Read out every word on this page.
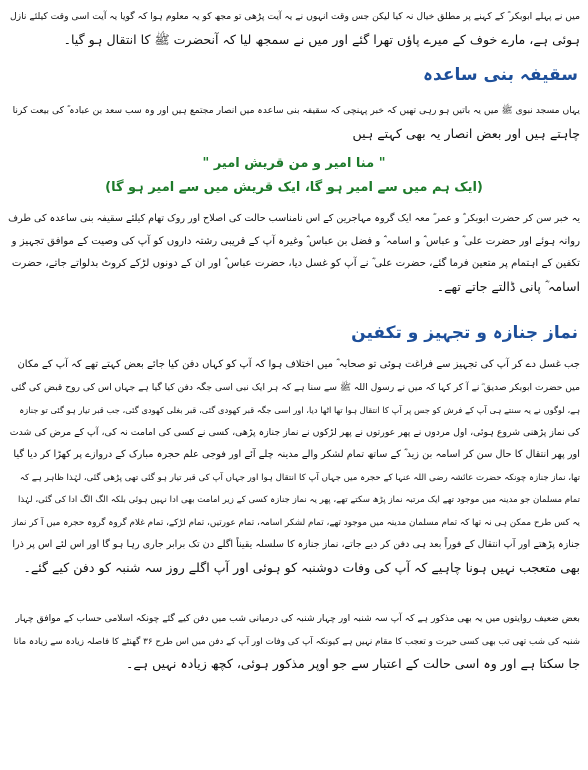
میں نے پہلے ابوبکر ؓ کے کہنے پر مطلق خیال نہ کیا لیکن جس وقت انہوں نے یہ آیت پڑھی تو مجھ کو یہ معلوم ہوا کہ گویا یہ آیت اسی وقت کیلئے نازل
ہوئی ہے، مارے خوف کے میرے پاؤں تھرا گئے اور میں نے سمجھ لیا کہ آنحضرت ﷺ کا انتقال ہو گیا۔

سقیفہ بنی ساعدہ

یہاں مسجد نبوی ﷺ میں یہ باتیں ہو رہی تھیں کہ خبر پہنچی کہ سقیفہ بنی ساعدہ میں انصار مجتمع ہیں اور وہ سب سعد بن عبادہ ؓ کی بیعت کرنا
چاہتے ہیں اور بعض انصار یہ بھی کہتے ہیں

" منا امیر و من قریش امیر "

(ایک ہم میں سے امیر ہو گا، ایک قریش میں سے امیر ہو گا)

یہ خبر سن کر حضرت ابوبکر ؓ و عمر ؓ معہ ایک گروہ مہاجرین کے اس نامناسب حالت کی اصلاح اور روک تھام کیلئے سقیفہ بنی ساعدہ کی طرف
روانہ ہوئے اور حضرت علی ؓ و عباس ؓ و اسامہ ؓ و فضل بن عباس ؓ وغیرہ آپ کے قریبی رشتہ داروں کو آپ کی وصیت کے موافق تجہیز و
تکفین کے اہتمام پر متعین فرما گئے، حضرت علی ؓ نے آپ کو غسل دیا، حضرت عباس ؓ اور ان کے دونوں لڑکے کروٹ بدلواتے جاتے، حضرت
اسامہ ؓ پانی ڈالتے جاتے تھے۔

نماز جنازہ و تجہیز و تکفین

جب غسل دے کر آپ کی تجہیز سے فراغت ہوئی تو صحابہ ؓ میں اختلاف ہوا کہ آپ کو کہاں دفن کیا جائے بعض کہتے تھے کہ آپ کے مکان
میں حضرت ابوبکر صدیق ؓ نے آ کر کہا کہ میں نے رسول اللہ ﷺ سے سنا ہے کہ ہر ایک نبی اسی جگہ دفن کیا گیا ہے جہاں اس کی روح قبض کی گئی
ہے، لوگوں نے یہ سنتے ہی آپ کے فرش کو جس پر آپ کا انتقال ہوا تھا اٹھا دیا، اور اسی جگہ قبر کھودی گئی، قبر بغلی کھودی گئی، جب قبر تیار ہو گئی تو جنازہ
کی نماز پڑھنی شروع ہوئی، اول مردوں نے پھر عورتوں نے پھر لڑکوں نے نماز جنازہ پڑھی، کسی نے کسی کی امامت نہ کی، آپ کے مرض کی شدت
اور پھر انتقال کا حال سن کر اسامہ بن زید ؓ کے ساتھ تمام لشکر والے مدینہ چلے آئے اور فوجی علم حجرہ مبارک کے دروازے پر کھڑا کر دیا گیا
تھا، نماز جنازہ چونکہ حضرت عائشہ رضی اللہ عنہا کے حجرہ میں جہاں آپ کا انتقال ہوا اور جہاں آپ کی قبر تیار ہو گئی تھی پڑھی گئی، لہٰذا ظاہر ہے کہ
تمام مسلمان جو مدینہ میں موجود تھے ایک مرتبہ نماز پڑھ سکتے تھے، پھر یہ نماز جنازہ کسی کے زیر امامت بھی ادا نہیں ہوئی بلکہ الگ الگ ادا کی گئی، لہٰذا
یہ کس طرح ممکن ہی نہ تھا کہ تمام مسلمان مدینہ میں موجود تھے، تمام لشکر اسامہ، تمام عورتیں، تمام لڑکے، تمام غلام گروہ گروہ حجرہ میں آ کر نماز
جنازہ پڑھتے اور آپ انتقال کے فوراً بعد ہی دفن کر دیے جاتے، نماز جنازہ کا سلسلہ یقیناً اگلے دن تک برابر جاری رہا ہو گا اور اس لئے اس پر ذرا
بھی متعجب نہیں ہونا چاہیے کہ آپ کی وفات دوشنبہ کو ہوئی اور آپ اگلے روز سہ شنبہ کو دفن کیے گئے۔

بعض ضعیف روایتوں میں یہ بھی مذکور ہے کہ آپ سہ شنبہ اور چہار شنبہ کی درمیانی شب میں دفن کیے گئے چونکہ اسلامی حساب کے موافق چہار
شنبہ کی شب تھی تب بھی کسی حیرت و تعجب کا مقام نہیں ہے کیونکہ آپ کی وفات اور آپ کے دفن میں اس طرح ۳۶ گھنٹے کا فاصلہ زیادہ سے زیادہ مانا
جا سکتا ہے اور وہ اسی حالت کے اعتبار سے جو اوپر مذکور ہوئی، کچھ زیادہ نہیں ہے۔
